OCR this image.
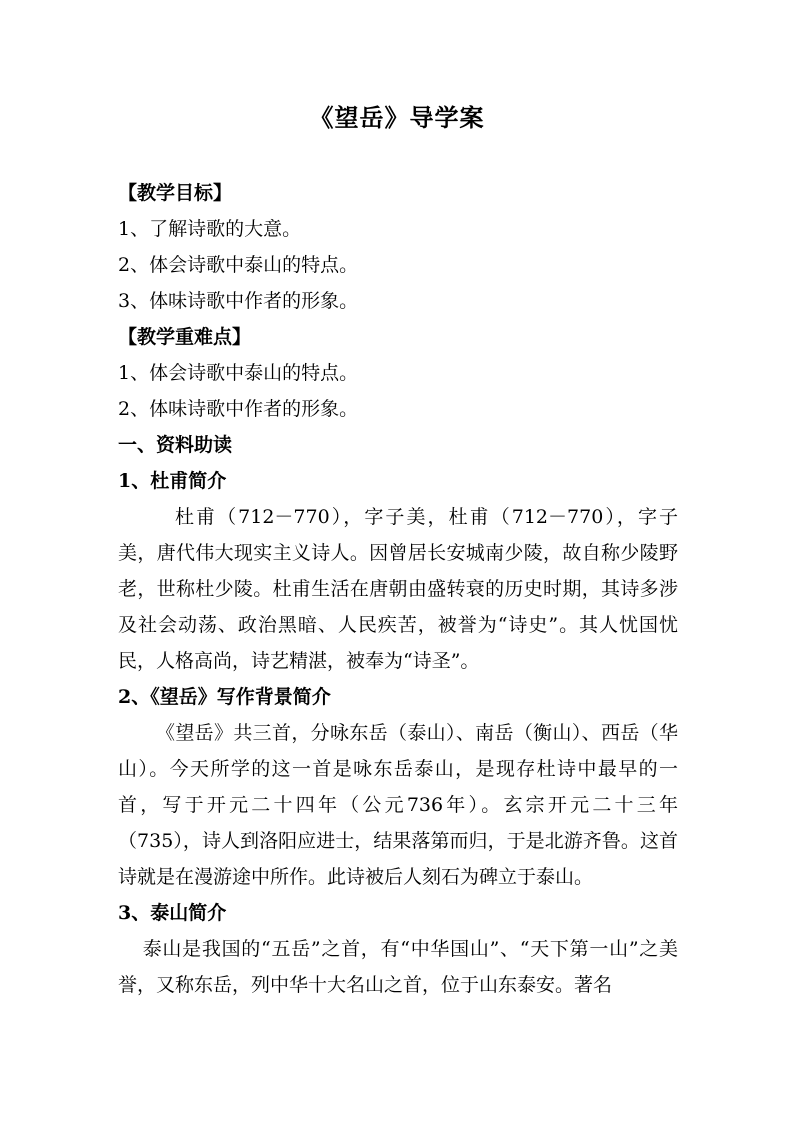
《望岳》导学案

【教学目标】

1、了解诗歌的大意。

2、体会诗歌中泰山的特点。

3、体味诗歌中作者的形象。

【教学重难点】

1、体会诗歌中泰山的特点。

2、体味诗歌中作者的形象。

一、资料助读

1、杜甫简介

杜甫（712－770），字子美，杜甫（712－770），字子美，唐代伟大现实主义诗人。因曾居长安城南少陵，故自称少陵野老，世称杜少陵。杜甫生活在唐朝由盛转衰的历史时期，其诗多涉及社会动荡、政治黑暗、人民疾苦，被誉为“诗史”。其人忧国忧民，人格高尚，诗艺精湛，被奉为“诗圣”。

2、《望岳》写作背景简介

《望岳》共三首，分咏东岳（泰山）、南岳（衡山）、西岳（华山）。今天所学的这一首是咏东岳泰山，是现存杜诗中最早的一首，写于开元二十四年（公元736年）。玄宗开元二十三年（735），诗人到洛阳应进士，结果落第而归，于是北游齐鲁。这首诗就是在漫游途中所作。此诗被后人刻石为碑立于泰山。

3、泰山简介

泰山是我国的“五岳”之首，有“中华国山”、“天下第一山”之美誉，又称东岳，列中华十大名山之首，位于山东泰安。著名
